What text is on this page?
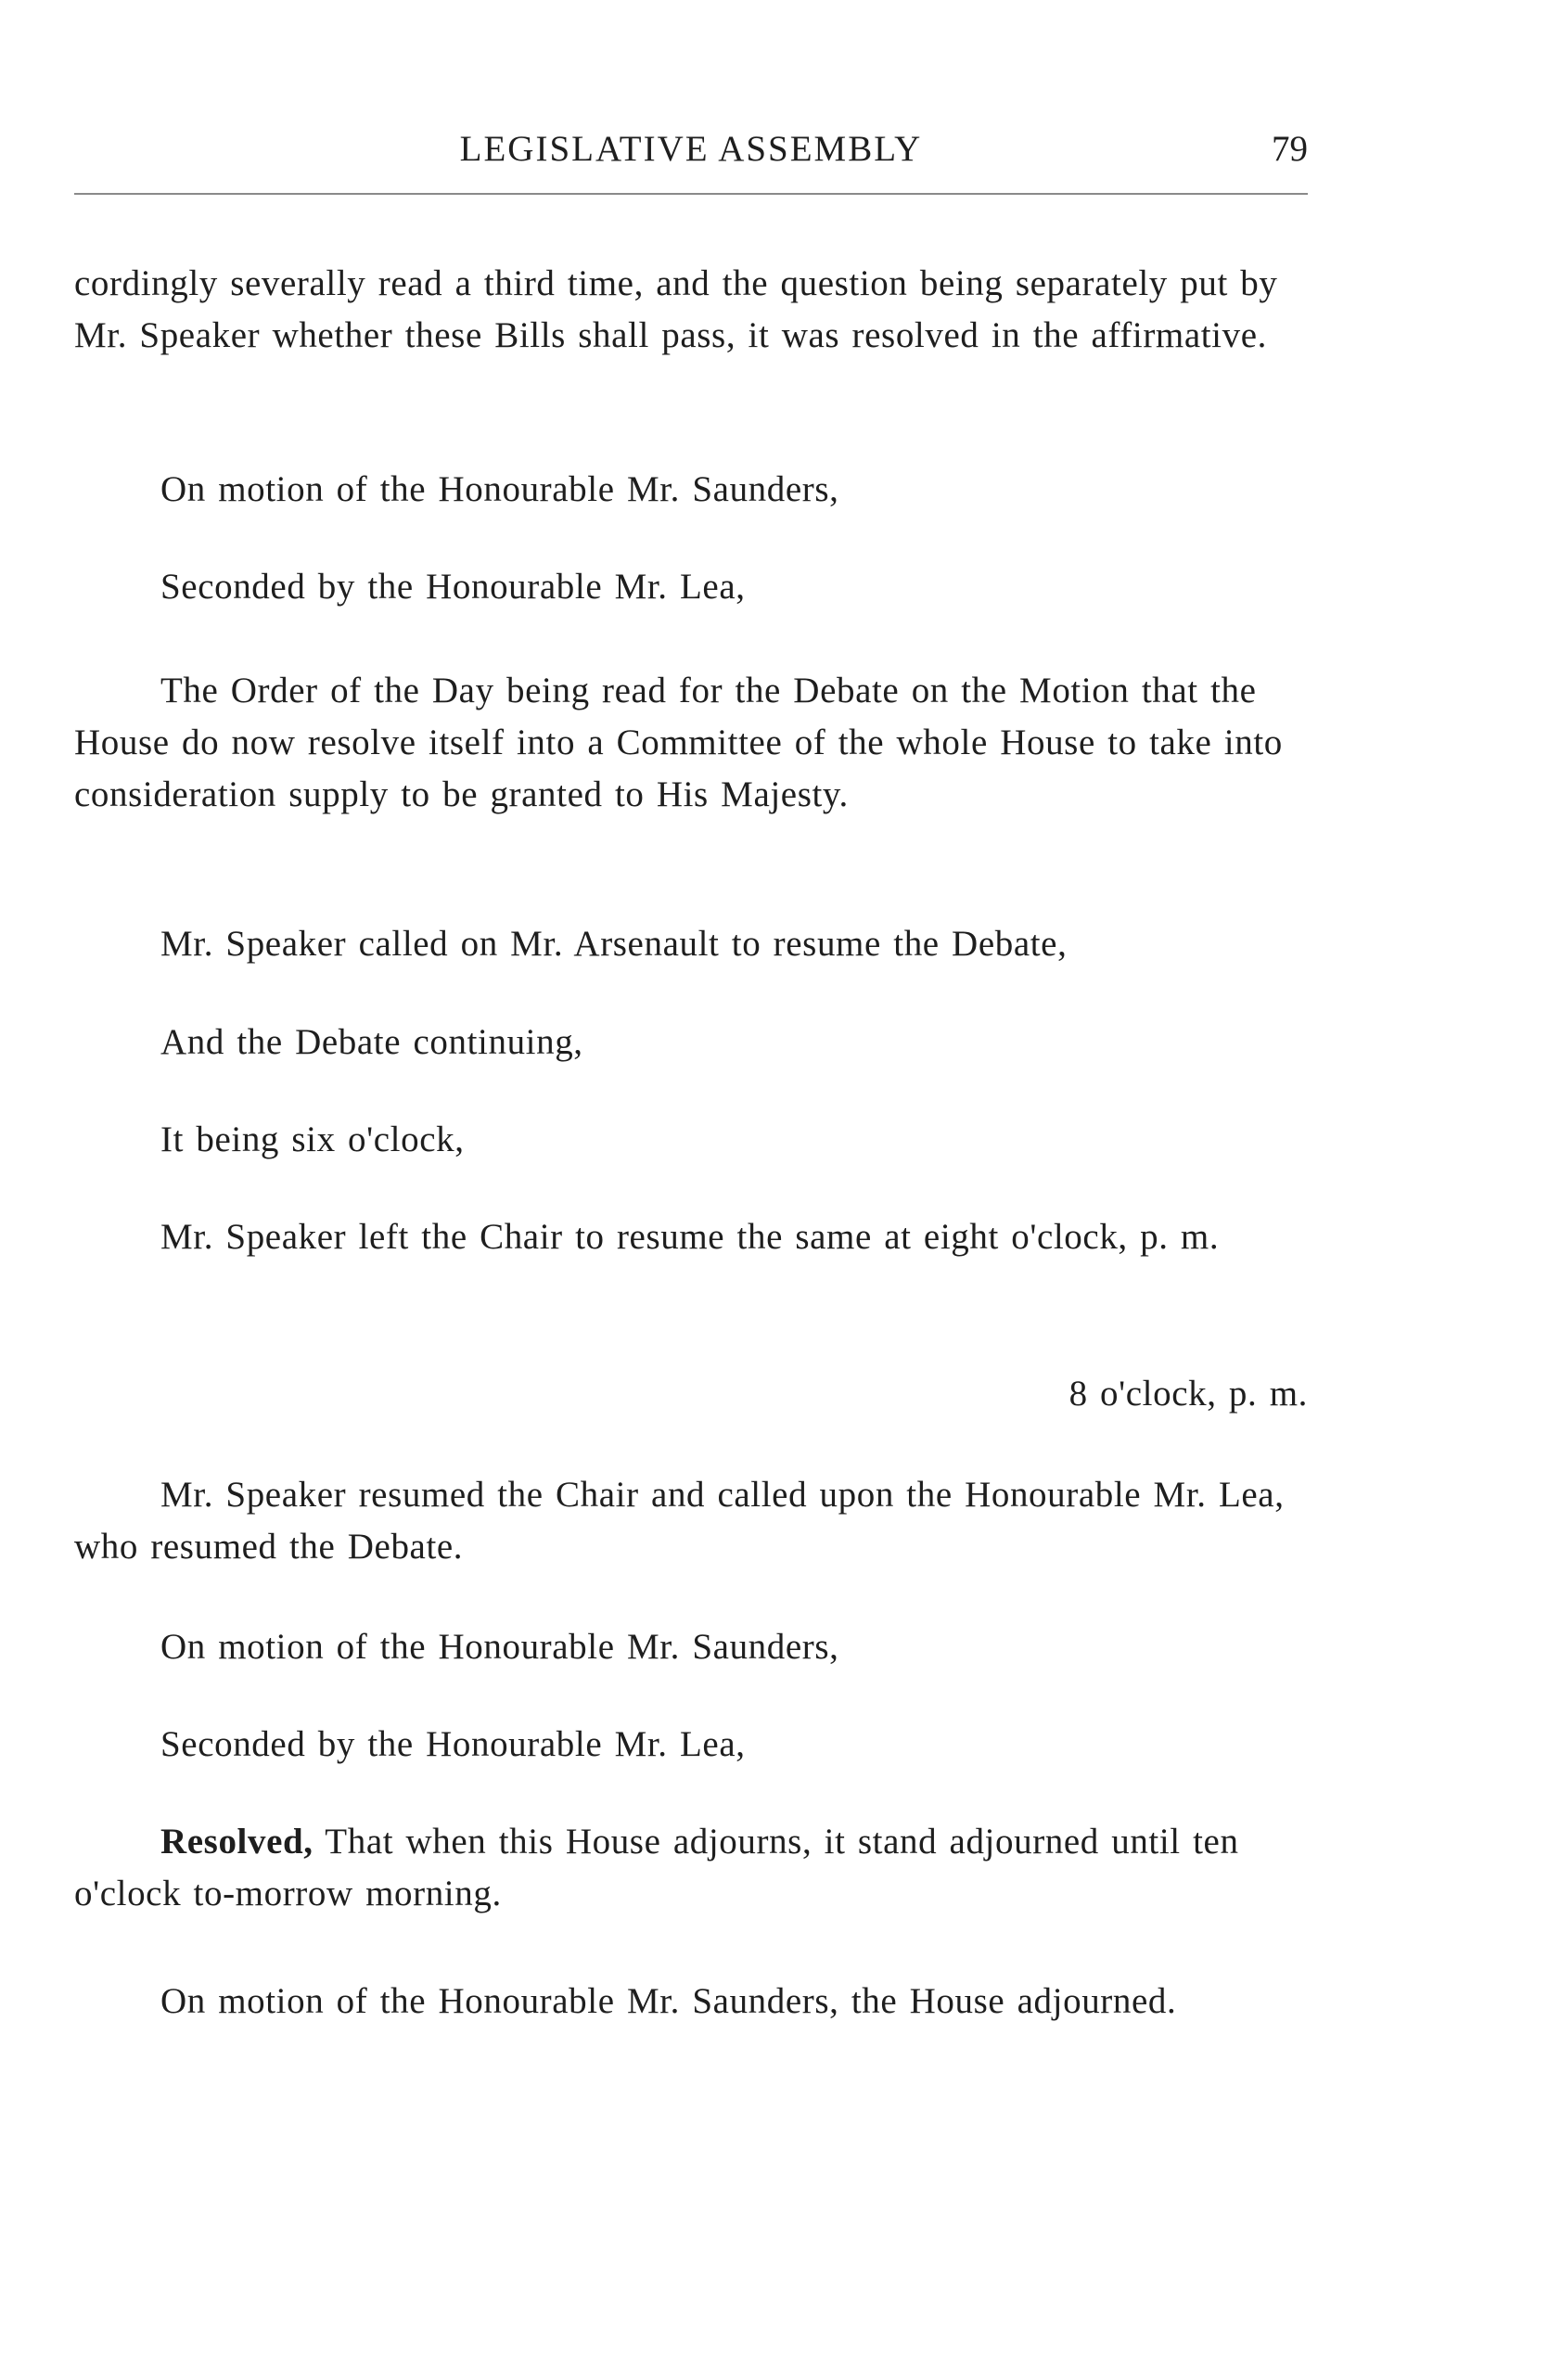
LEGISLATIVE ASSEMBLY	79

cordingly severally read a third time, and the question being separately put by Mr. Speaker whether these Bills shall pass, it was resolved in the affirmative.

On motion of the Honourable Mr. Saunders,

Seconded by the Honourable Mr. Lea,

The Order of the Day being read for the Debate on the Motion that the House do now resolve itself into a Committee of the whole House to take into consideration supply to be granted to His Majesty.

Mr. Speaker called on Mr. Arsenault to resume the Debate,

And the Debate continuing,

It being six o'clock,

Mr. Speaker left the Chair to resume the same at eight o'clock, p. m.

8 o'clock, p. m.

Mr. Speaker resumed the Chair and called upon the Honourable Mr. Lea, who resumed the Debate.

On motion of the Honourable Mr. Saunders,

Seconded by the Honourable Mr. Lea,

Resolved, That when this House adjourns, it stand adjourned until ten o'clock to-morrow morning.

On motion of the Honourable Mr. Saunders, the House adjourned.
